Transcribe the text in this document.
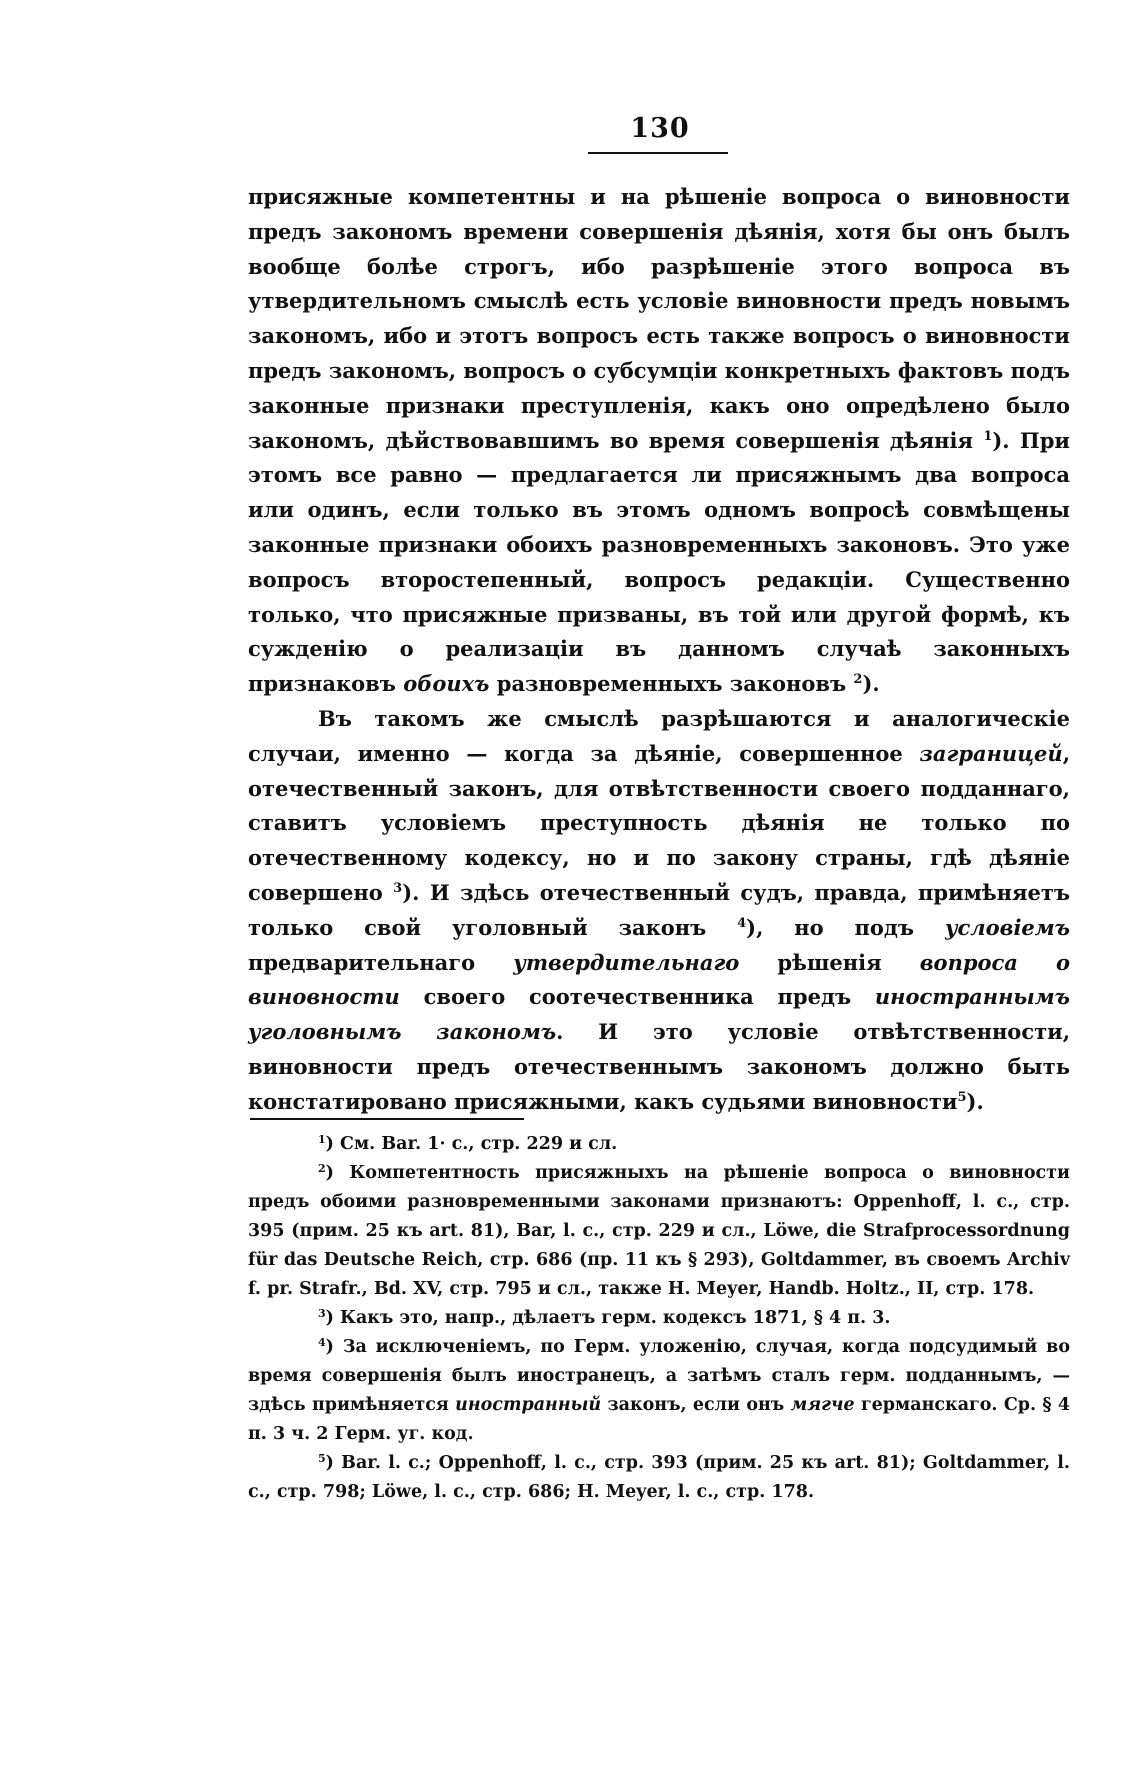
130

присяжные компетентны и на рѣшеніе вопроса о виновности предъ закономъ времени совершенія дѣянія, хотя бы онъ былъ вообще болѣе строгъ, ибо разрѣшеніе этого вопроса въ утвердительномъ смыслѣ есть условіе виновности предъ новымъ закономъ, ибо и этотъ вопросъ есть также вопросъ о виновности предъ закономъ, вопросъ о субсумціи конкретныхъ фактовъ подъ законные признаки преступленія, какъ оно опредѣлено было закономъ, дѣйствовавшимъ во время совершенія дѣянія $^1$). При этомъ все равно — предлагается ли присяжнымъ два вопроса или одинъ, если только въ этомъ одномъ вопросѣ совмѣщены законные признаки обоихъ разновременныхъ законовъ. Это уже вопросъ второстепенный, вопросъ редакціи. Существенно только, что присяжные призваны, въ той или другой формѣ, къ сужденію о реализаціи въ данномъ случаѣ законныхъ признаковъ обоихъ разновременныхъ законовъ $^2$).

Въ такомъ же смыслѣ разрѣшаются и аналогическіе случаи, именно — когда за дѣяніе, совершенное заграницей, отечественный законъ, для отвѣтственности своего подданнаго, ставитъ условіемъ преступность дѣянія не только по отечественному кодексу, но и по закону страны, гдѣ дѣяніе совершено $^3$). И здѣсь отечественный судъ, правда, примѣняетъ только свой уголовный законъ $^4$), но подъ условіемъ предварительнаго утвердительнаго рѣшенія вопроса о виновности своего соотечественника предъ иностраннымъ уголовнымъ закономъ. И это условіе отвѣтственности, виновности предъ отечественнымъ закономъ должно быть констатировано присяжными, какъ судьями виновности$^5$).

$^1$) См. Bar. 1· с., стр. 229 и сл.

$^2$) Компетентность присяжныхъ на рѣшеніе вопроса о виновности предъ обоими разновременными законами признаютъ: Oppenhoff, l. c., стр. 395 (прим. 25 къ art. 81), Bar, l. c., стр. 229 и сл., Löwe, die Strafprocessordnung für das Deutsche Reich, стр. 686 (пр. 11 къ § 293), Goltdammer, въ своемъ Archiv f. pr. Strafr., Bd. XV, стр. 795 и сл., также H. Meyer, Handb. Holtz., II, стр. 178.

$^3$) Какъ это, напр., дѣлаетъ герм. кодексъ 1871, § 4 п. 3.

$^4$) За исключеніемъ, по Герм. уложенію, случая, когда подсудимый во время совершенія былъ иностранецъ, а затѣмъ сталъ герм. подданнымъ, — здѣсь примѣняется иностранный законъ, если онъ мягче германскаго. Ср. § 4 п. 3 ч. 2 Герм. уг. код.

$^5$) Bar. l. c.; Oppenhoff, l. c., стр. 393 (прим. 25 къ art. 81); Goltdammer, l. c., стр. 798; Löwe, l. c., стр. 686; H. Meyer, l. c., стр. 178.
